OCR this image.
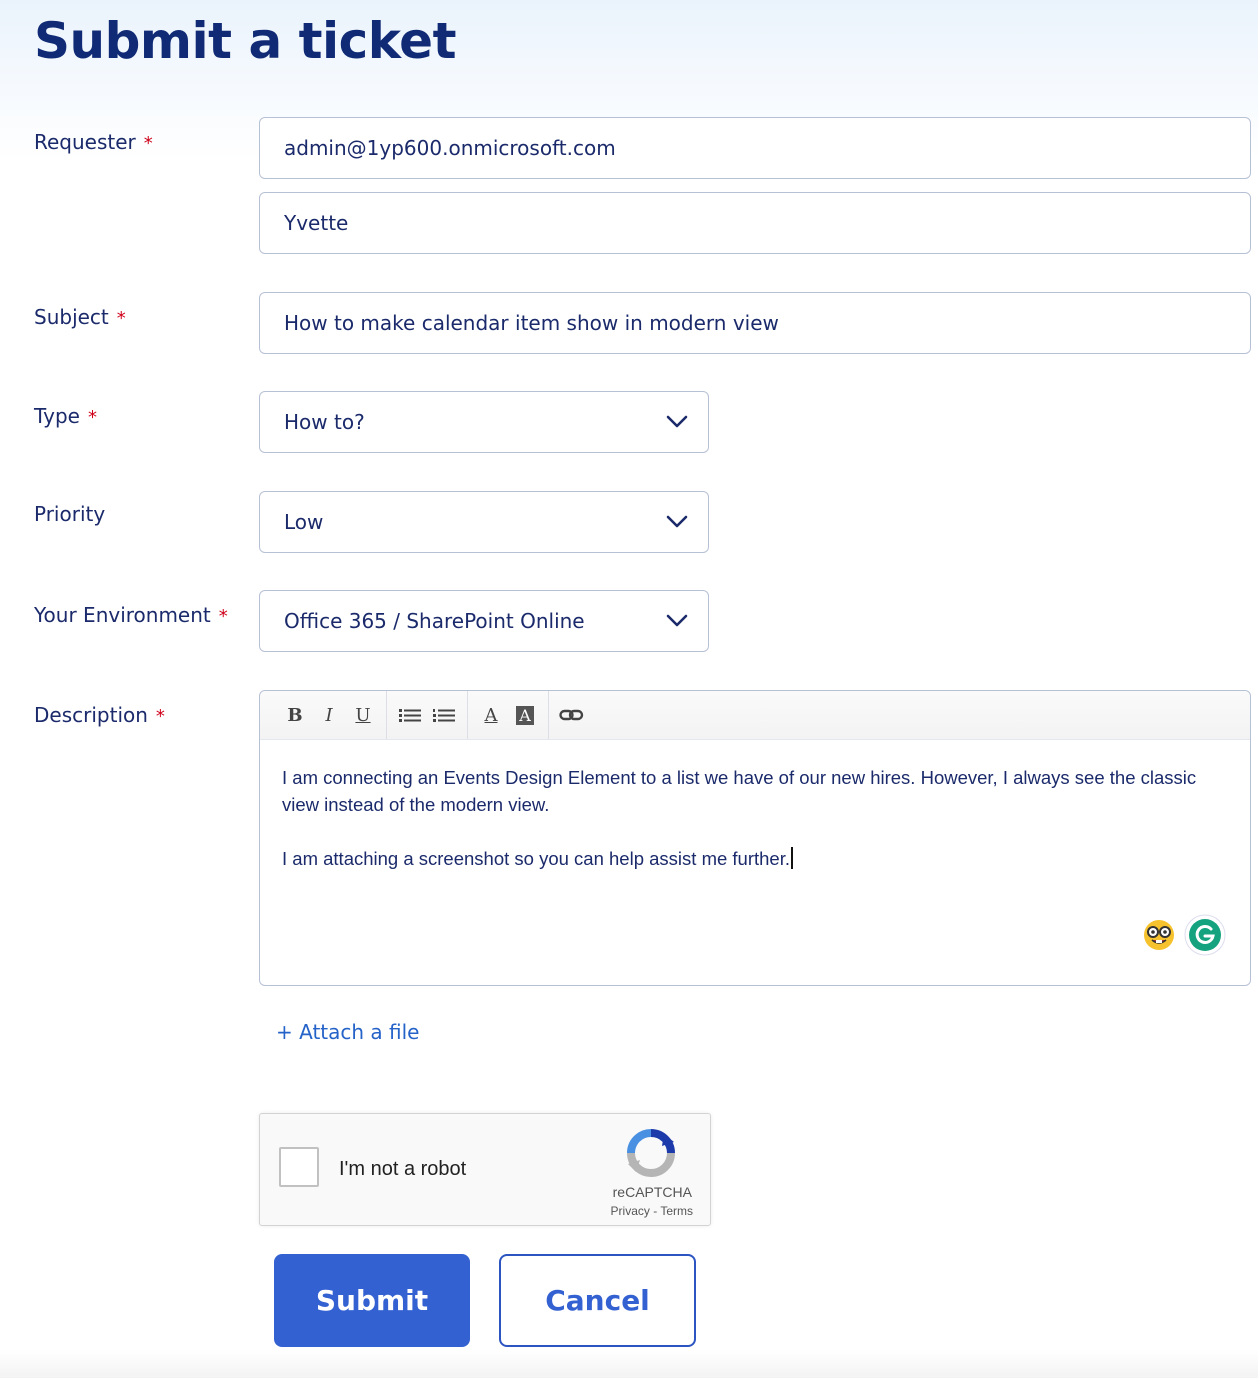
Submit a ticket
Requester *	admin@1yp600.onmicrosoft.com
Yvette
Subject *	How to make calendar item show in modern view
Type *	How to?
Priority	Low
Your Environment *	Office 365 / SharePoint Online
Description *	B	I	U	A	A

I am connecting an Events Design Element to a list we have of our new hires. However, I always see the classic view instead of the modern view.

I am attaching a screenshot so you can help assist me further.

+ Attach a file
I'm not a robot
reCAPTCHA
Privacy - Terms
Submit	Cancel
